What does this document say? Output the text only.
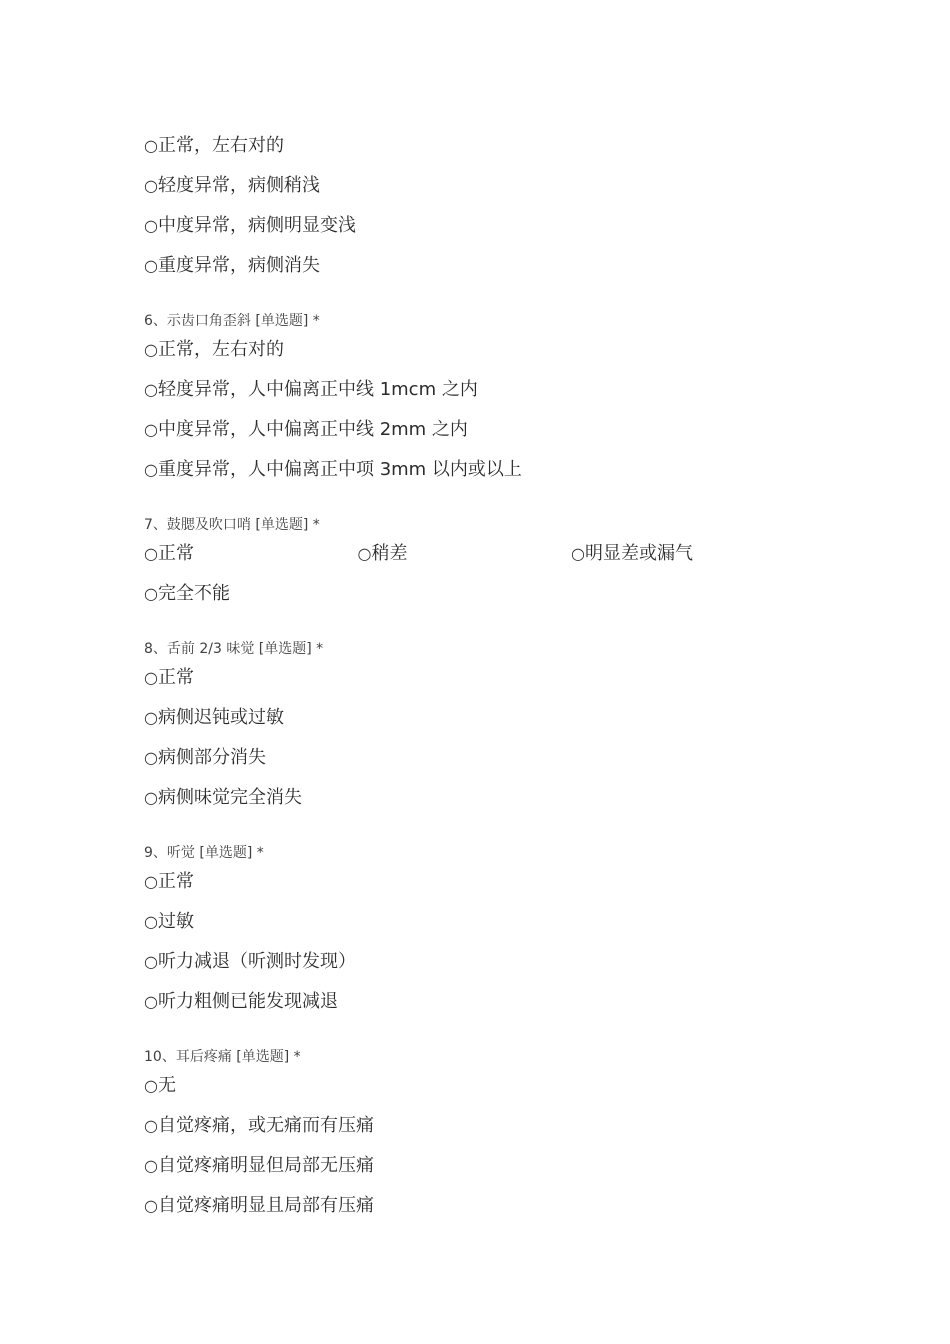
○正常，左右对的
○轻度异常，病侧稍浅
○中度异常，病侧明显变浅
○重度异常，病侧消失
6、示齿口角歪斜 [单选题] *
○正常，左右对的
○轻度异常，人中偏离正中线 1mcm 之内
○中度异常，人中偏离正中线 2mm 之内
○重度异常，人中偏离正中项 3mm 以内或以上
7、鼓腮及吹口哨 [单选题] *
○正常	○稍差	○明显差或漏气
○完全不能
8、舌前 2/3 味觉 [单选题] *
○正常
○病侧迟钝或过敏
○病侧部分消失
○病侧味觉完全消失
9、听觉 [单选题] *
○正常
○过敏
○听力减退（听测时发现）
○听力粗侧已能发现减退
10、耳后疼痛 [单选题] *
○无
○自觉疼痛，或无痛而有压痛
○自觉疼痛明显但局部无压痛
○自觉疼痛明显且局部有压痛
